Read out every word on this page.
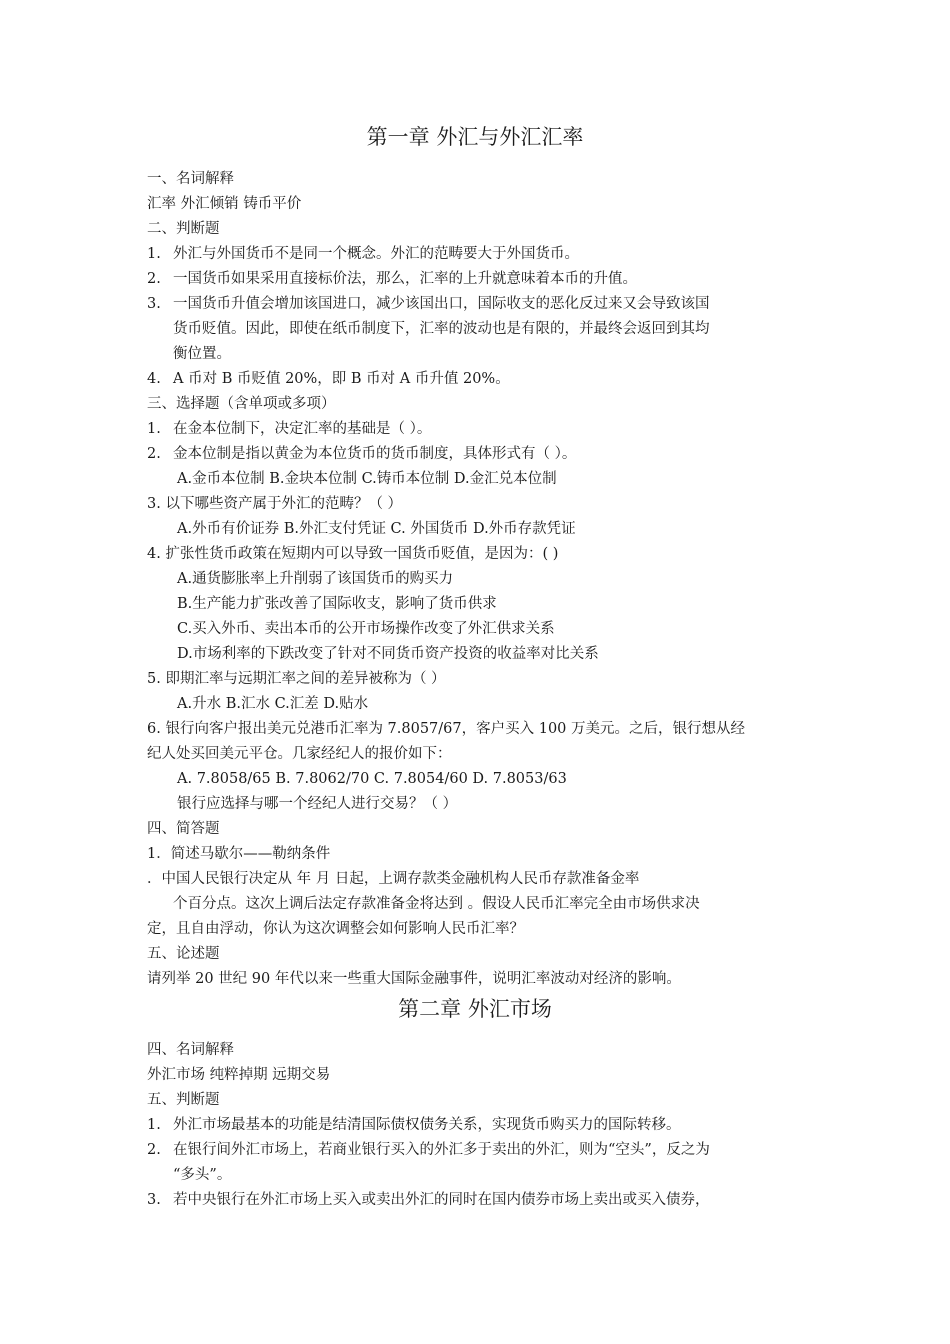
第一章 外汇与外汇汇率
一、名词解释
汇率 外汇倾销 铸币平价
二、判断题
1. 外汇与外国货币不是同一个概念。外汇的范畴要大于外国货币。
2. 一国货币如果采用直接标价法，那么，汇率的上升就意味着本币的升值。
3. 一国货币升值会增加该国进口，减少该国出口，国际收支的恶化反过来又会导致该国
货币贬值。因此，即使在纸币制度下，汇率的波动也是有限的，并最终会返回到其均
衡位置。
4. A 币对 B 币贬值 20%，即 B 币对 A 币升值 20%。
三、选择题（含单项或多项）
1. 在金本位制下，决定汇率的基础是（ ）。
2. 金本位制是指以黄金为本位货币的货币制度，具体形式有（ ）。
A.金币本位制 B.金块本位制 C.铸币本位制 D.金汇兑本位制
3. 以下哪些资产属于外汇的范畴？（ ）
A.外币有价证券 B.外汇支付凭证 C. 外国货币 D.外币存款凭证
4. 扩张性货币政策在短期内可以导致一国货币贬值，是因为：( )
A.通货膨胀率上升削弱了该国货币的购买力
B.生产能力扩张改善了国际收支，影响了货币供求
C.买入外币、卖出本币的公开市场操作改变了外汇供求关系
D.市场利率的下跌改变了针对不同货币资产投资的收益率对比关系
5. 即期汇率与远期汇率之间的差异被称为（ ）
A.升水 B.汇水 C.汇差 D.贴水
6. 银行向客户报出美元兑港币汇率为 7.8057/67，客户买入 100 万美元。之后，银行想从经
纪人处买回美元平仓。几家经纪人的报价如下：
A. 7.8058/65 B. 7.8062/70 C. 7.8054/60 D. 7.8053/63
银行应选择与哪一个经纪人进行交易？（ ）
四、简答题
1．简述马歇尔——勒纳条件
．中国人民银行决定从 年 月 日起，上调存款类金融机构人民币存款准备金率
个百分点。这次上调后法定存款准备金将达到 。假设人民币汇率完全由市场供求决
定，且自由浮动，你认为这次调整会如何影响人民币汇率？
五、论述题
请列举 20 世纪 90 年代以来一些重大国际金融事件，说明汇率波动对经济的影响。
第二章 外汇市场
四、名词解释
外汇市场 纯粹掉期 远期交易
五、判断题
1. 外汇市场最基本的功能是结清国际债权债务关系，实现货币购买力的国际转移。
2. 在银行间外汇市场上，若商业银行买入的外汇多于卖出的外汇，则为“空头”，反之为
“多头”。
3. 若中央银行在外汇市场上买入或卖出外汇的同时在国内债券市场上卖出或买入债券，
